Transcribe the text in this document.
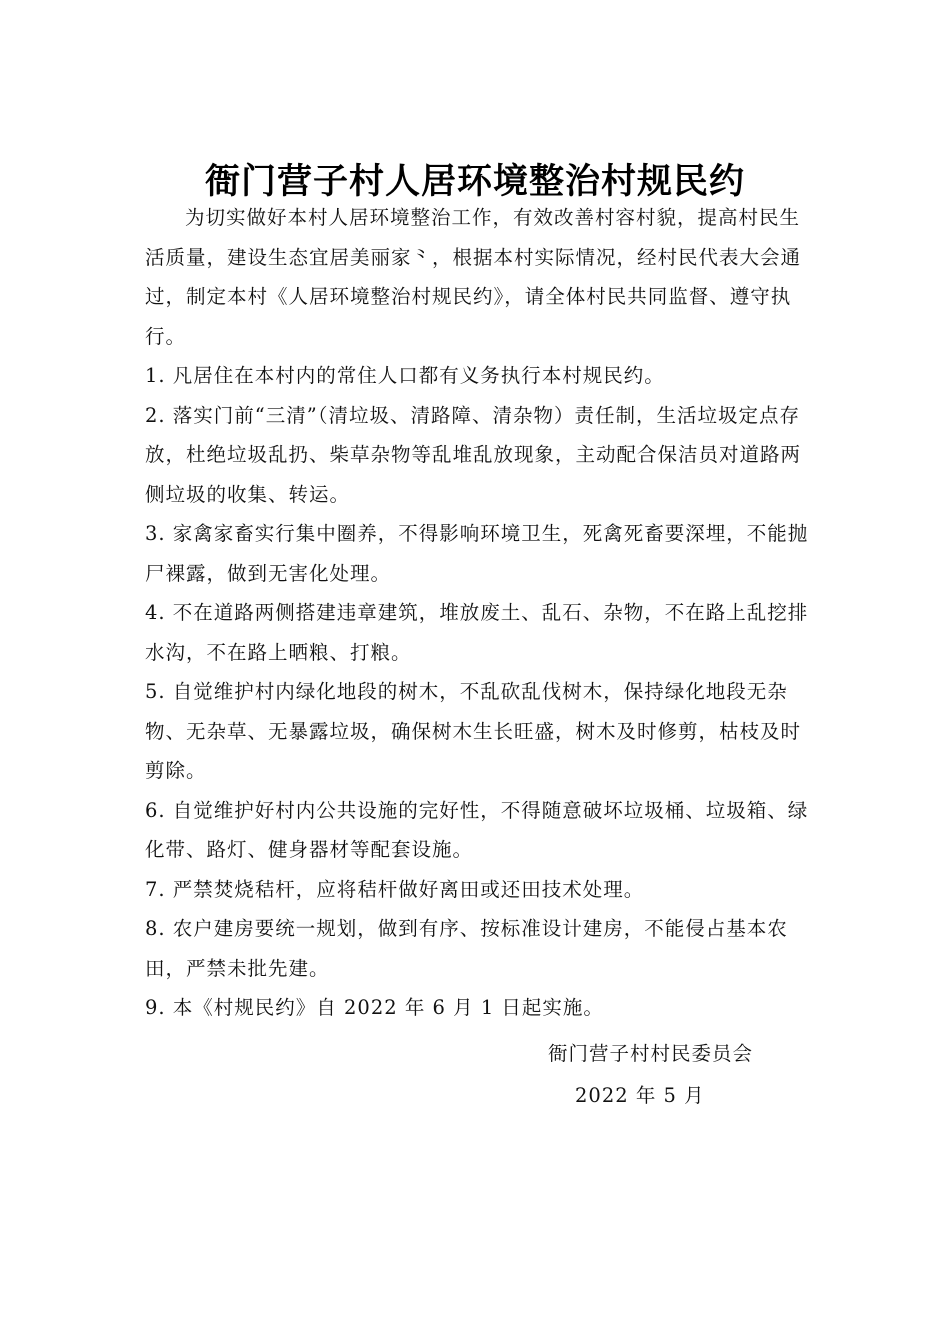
衙门营子村人居环境整治村规民约

为切实做好本村人居环境整治工作，有效改善村容村貌，提高村民生活质量，建设生态宜居美丽家⺀，根据本村实际情况，经村民代表大会通过，制定本村《人居环境整治村规民约》，请全体村民共同监督、遵守执行。

1. 凡居住在本村内的常住人口都有义务执行本村规民约。

2. 落实门前“三清”（清垃圾、清路障、清杂物）责任制，生活垃圾定点存放，杜绝垃圾乱扔、柴草杂物等乱堆乱放现象，主动配合保洁员对道路两侧垃圾的收集、转运。

3. 家禽家畜实行集中圈养，不得影响环境卫生，死禽死畜要深埋，不能抛尸裸露，做到无害化处理。

4. 不在道路两侧搭建违章建筑，堆放废土、乱石、杂物，不在路上乱挖排水沟，不在路上晒粮、打粮。

5. 自觉维护村内绿化地段的树木，不乱砍乱伐树木，保持绿化地段无杂物、无杂草、无暴露垃圾，确保树木生长旺盛，树木及时修剪，枯枝及时剪除。

6. 自觉维护好村内公共设施的完好性，不得随意破坏垃圾桶、垃圾箱、绿化带、路灯、健身器材等配套设施。

7. 严禁焚烧秸杆，应将秸杆做好离田或还田技术处理。

8. 农户建房要统一规划，做到有序、按标准设计建房，不能侵占基本农田，严禁未批先建。

9. 本《村规民约》自 2022 年 6 月 1 日起实施。

衙门营子村村民委员会
2022 年 5 月
